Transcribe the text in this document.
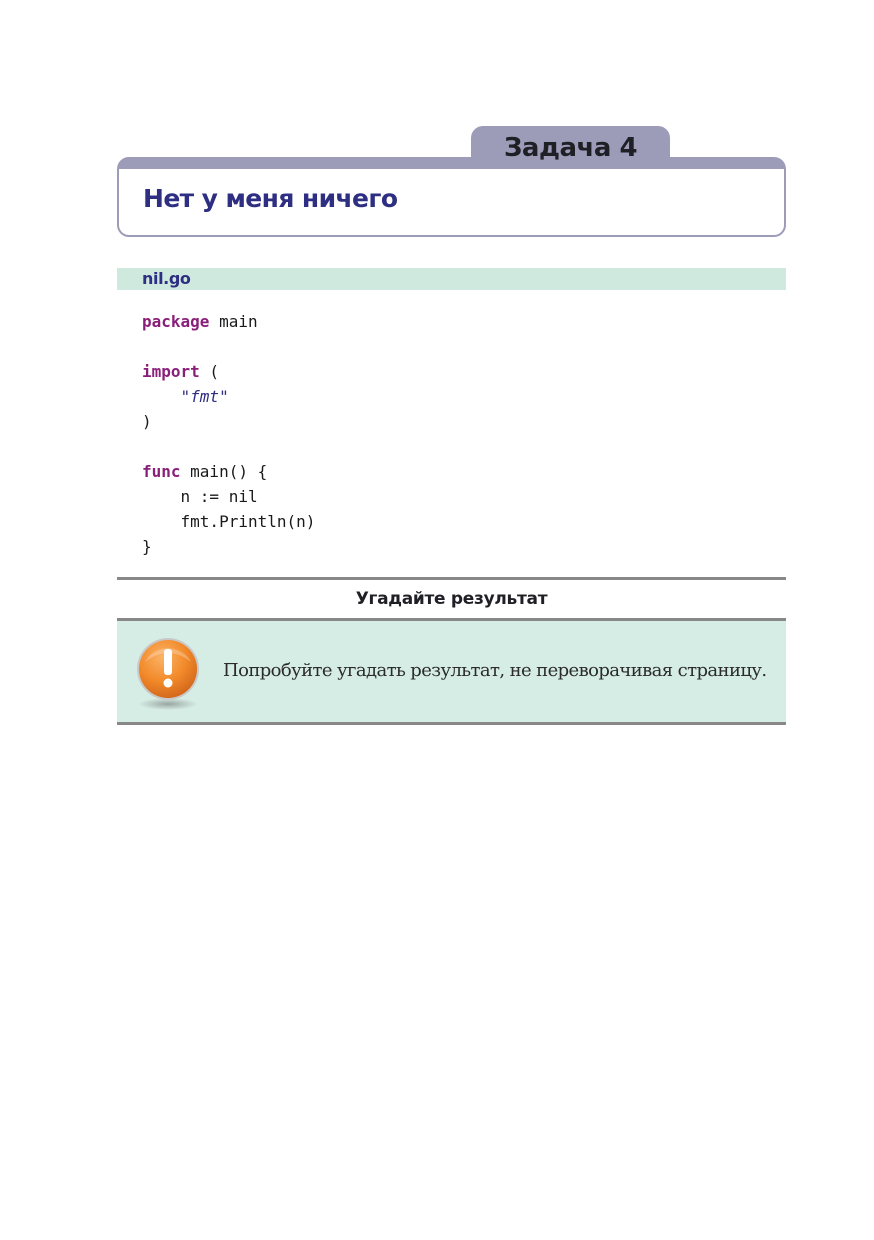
Задача 4
Нет у меня ничего
nil.go
package main
import (
"fmt"
)
func main() {
n := nil
fmt.Println(n)
}
Угадайте результат
Попробуйте угадать результат, не переворачивая страницу.
